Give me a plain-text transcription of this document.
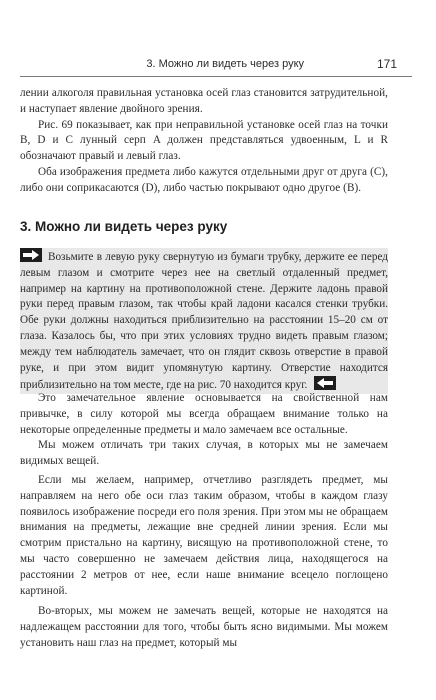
3. Можно ли видеть через руку	171

лении алкоголя правильная установка осей глаз становится затрудительной, и наступает явление двойного зрения.

Рис. 69 показывает, как при неправильной установке осей глаз на точки B, D и C лунный серп A должен представляться удвоенным, L и R обозначают правый и левый глаз.

Оба изображения предмета либо кажутся отдельными друг от друга (C), либо они соприкасаются (D), либо частью покрывают одно другое (B).

3. Можно ли видеть через руку

Возьмите в левую руку свернутую из бумаги трубку, держите ее перед левым глазом и смотрите через нее на светлый отдаленный предмет, например на картину на противоположной стене. Держите ладонь правой руки перед правым глазом, так чтобы край ладони касался стенки трубки. Обе руки должны находиться приблизительно на расстоянии 15–20 см от глаза. Казалось бы, что при этих условиях трудно видеть правым глазом; между тем наблюдатель замечает, что он глядит сквозь отверстие в правой руке, и при этом видит упомянутую картину. Отверстие находится приблизительно на том месте, где на рис. 70 находится круг.

Это замечательное явление основывается на свойственной нам привычке, в силу которой мы всегда обращаем внимание только на некоторые определенные предметы и мало замечаем все остальные.

Мы можем отличать три таких случая, в которых мы не замечаем видимых вещей.

Если мы желаем, например, отчетливо разглядеть предмет, мы направляем на него обе оси глаз таким образом, чтобы в каждом глазу появилось изображение посреди его поля зрения. При этом мы не обращаем внимания на предметы, лежащие вне средней линии зрения. Если мы смотрим пристально на картину, висящую на противоположной стене, то мы часто совершенно не замечаем действия лица, находящегося на расстоянии 2 метров от нее, если наше внимание всецело поглощено картиной.

Во-вторых, мы можем не замечать вещей, которые не находятся на надлежащем расстоянии для того, чтобы быть ясно видимыми. Мы можем установить наш глаз на предмет, который мы
